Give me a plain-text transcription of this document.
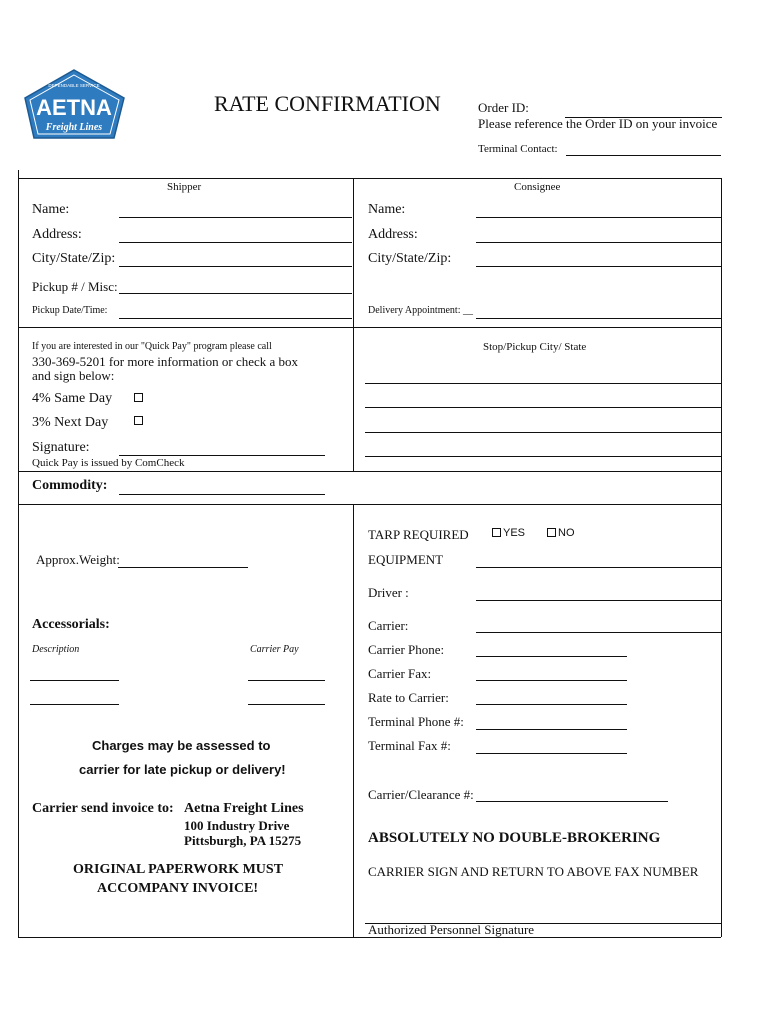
DEPENDABLE SERVICE
AETNA
Freight Lines
RATE CONFIRMATION	Order ID:
Please reference the Order ID on your invoice
Terminal Contact:
Shipper
Name:
Address:
City/State/Zip:
Pickup # / Misc:
Pickup Date/Time:
Consignee
Name:
Address:
City/State/Zip:
Delivery Appointment: __
If you are interested in our "Quick Pay" program please call
330-369-5201 for more information or check a box
and sign below:
4% Same Day
3% Next Day
Signature:
Quick Pay is issued by ComCheck
Stop/Pickup City/ State
Commodity:
Approx.Weight:
Accessorials:
Description	Carrier Pay
Charges may be assessed to
carrier for late pickup or delivery!
Carrier send invoice to: Aetna Freight Lines
100 Industry Drive
Pittsburgh, PA 15275
ORIGINAL PAPERWORK MUST
ACCOMPANY INVOICE!
TARP REQUIRED	YES	NO
EQUIPMENT
Driver :
Carrier:
Carrier Phone:
Carrier Fax:
Rate to Carrier:
Terminal Phone #:
Terminal Fax #:
Carrier/Clearance #:
ABSOLUTELY NO DOUBLE-BROKERING
CARRIER SIGN AND RETURN TO ABOVE FAX NUMBER
Authorized Personnel Signature
